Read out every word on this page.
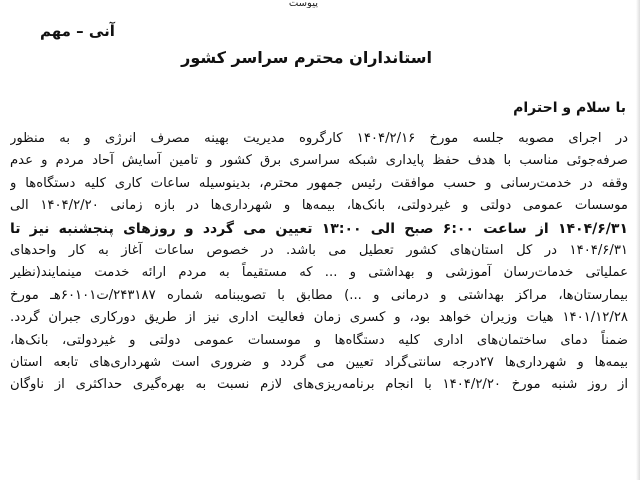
پیوست
آنی – مهم
استانداران محترم سراسر کشور
با سلام و احترام
در اجرای مصوبه جلسه مورخ ۱۴۰۴/۲/۱۶ کارگروه مدیریت بهینه مصرف انرژی و به منظور
صرفه‌جوئی مناسب با هدف حفظ پایداری شبکه سراسری برق کشور و تامین آسایش آحاد مردم و عدم
وقفه در خدمت‌رسانی و حسب موافقت رئیس جمهور محترم، بدینوسیله ساعات کاری کلیه دستگاه‌ها و
موسسات عمومی دولتی و غیردولتی، بانک‌ها، بیمه‌ها و شهرداری‌ها در بازه زمانی ۱۴۰۴/۲/۲۰ الی
۱۴۰۴/۶/۳۱ از ساعت ۶:۰۰ صبح الی ۱۳:۰۰ تعیین می گردد و روزهای پنجشنبه نیز تا
۱۴۰۴/۶/۳۱ در کل استان‌های کشور تعطیل می باشد. در خصوص ساعات آغاز به کار واحدهای
عملیاتی خدمات‌رسان آموزشی و بهداشتی و ... که مستقیماً به مردم ارائه خدمت مینمایند(نظیر
بیمارستان‌ها، مراکز بهداشتی و درمانی و ...) مطابق با تصویبنامه شماره ۲۴۳۱۸۷/ت۶۰۱۰۱هـ مورخ
۱۴۰۱/۱۲/۲۸ هیات وزیران خواهد بود، و کسری زمان فعالیت اداری نیز از طریق دورکاری جبران گردد.
ضمناً دمای ساختمان‌های اداری کلیه دستگاه‌ها و موسسات عمومی دولتی و غیردولتی، بانک‌ها،
بیمه‌ها و شهرداری‌ها ۲۷درجه سانتی‌گراد تعیین می گردد و ضروری است شهرداری‌های تابعه استان
از روز شنبه مورخ ۱۴۰۴/۲/۲۰ با انجام برنامه‌ریزی‌های لازم نسبت به بهره‌گیری حداکثری از ناوگان
